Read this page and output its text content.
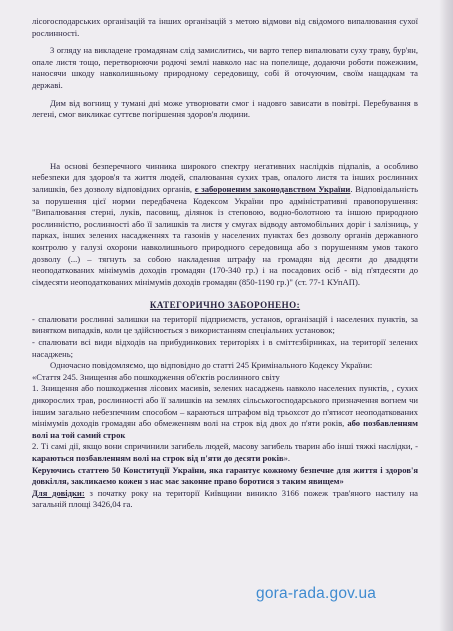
лісогосподарських організацій та інших організацій з метою відмови від свідомого випалювання сухої рослинності.

3 огляду на викладене громадянам слід замислитись, чи варто тепер випалювати суху траву, бур'ян, опале листя тощо, перетворюючи родючі землі навколо нас на попелище, додаючи роботи пожежним, наносячи шкоду навколишньому природному середовищу, собі й оточуючим, своїм нащадкам та державі.

Дим від вогнищ у тумані дні може утворювати смог і надовго зависати в повітрі. Перебування в легені, смог викликає суттєве погіршення здоров'я людини.

На основі безперечного чинника широкого спектру негативних наслідків підпалів, а особливо небезпеки для здоров'я та життя людей, спалювання сухих трав, опалого листя та інших рослинних залишків, без дозволу відповідних органів, є забороненим законодавством України. Відповідальність за порушення цієї норми передбачена Кодексом України про адміністративні правопорушення: "Випалювання стерні, луків, пасовищ, ділянок із степовою, водно-болотною та іншою природною рослинністю, рослинності або її залишків та листя у смугах відводу автомобільних доріг і залізниць, у парках, інших зелених насадженнях та газонів у населених пунктах без дозволу органів державного контролю у галузі охорони навколишнього природного середовища або з порушенням умов такого дозволу (...) – тягнуть за собою накладення штрафу на громадян від десяти до двадцяти неоподаткованих мінімумів доходів громадян (170-340 гр.) і на посадових осіб - від п'ятдесяти до сімдесяти неоподаткованих мінімумів доходів громадян (850-1190 гр.)" (ст. 77-1 КУпАП).

КАТЕГОРИЧНО ЗАБОРОНЕНО:

- спалювати рослинні залишки на території підприємств, установ, організацій і населених пунктів, за винятком випадків, коли це здійснюється з використанням спеціальних установок;

- спалювати всі види відходів на прибудинкових територіях і в сміттєзбірниках, на території зелених насаджень;

Одночасно повідомляємо, що відповідно до статті 245 Кримінального Кодексу України:

«Стаття 245. Знищення або пошкодження об'єктів рослинного світу

1. Знищення або пошкодження лісових масивів, зелених насаджень навколо населених пунктів, , сухих дикорослих трав, рослинності або її залишків на землях сільськогосподарського призначення вогнем чи іншим загально небезпечним способом – караються штрафом від трьохсот до п'ятисот неоподаткованих мінімумів доходів громадян або обмеженням волі на строк від двох до п'яти років, або позбавленням волі на той самий строк

2. Ті самі дії, якщо вони спричинили загибель людей, масову загибель тварин або інші тяжкі наслідки, - караються позбавленням волі на строк від п'яти до десяти років».

Керуючись статтею 50 Конституції України, яка гарантує кожному безпечне для життя і здоров'я довкілля, закликаємо кожен з нас має законне право боротися з таким явищем»

Для довідки: з початку року на території Київщини виникло 3166 пожеж трав'яного настилу на загальній площі 3426,04 га.

gora-rada.gov.ua
